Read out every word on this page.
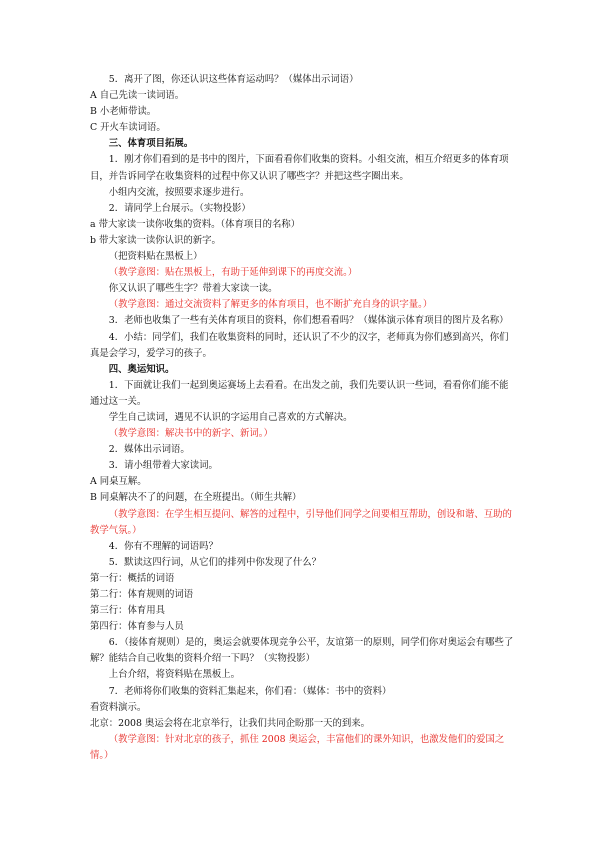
5．离开了图，你还认识这些体育运动吗？（媒体出示词语）

A 自己先读一读词语。

B 小老师带读。

C 开火车读词语。

三、体育项目拓展。

1．刚才你们看到的是书中的图片，下面看看你们收集的资料。小组交流，相互介绍更多的体育项目，并告诉同学在收集资料的过程中你又认识了哪些字？并把这些字圈出来。

小组内交流，按照要求逐步进行。

2．请同学上台展示。（实物投影）

a 带大家读一读你收集的资料。（体育项目的名称）

b 带大家读一读你认识的新字。

（把资料贴在黑板上）

（教学意图：贴在黑板上，有助于延伸到课下的再度交流。）

你又认识了哪些生字？带着大家读一读。

（教学意图：通过交流资料了解更多的体育项目，也不断扩充自身的识字量。）

3．老师也收集了一些有关体育项目的资料，你们想看看吗？（媒体演示体育项目的图片及名称）

4．小结：同学们，我们在收集资料的同时，还认识了不少的汉字，老师真为你们感到高兴，你们真是会学习，爱学习的孩子。

四、奥运知识。

1．下面就让我们一起到奥运赛场上去看看。在出发之前，我们先要认识一些词，看看你们能不能通过这一关。

学生自己读词，遇见不认识的字运用自己喜欢的方式解决。

（教学意图：解决书中的新字、新词。）

2．媒体出示词语。

3．请小组带着大家读词。

A 同桌互解。

B 同桌解决不了的问题，在全班提出。（师生共解）

（教学意图：在学生相互提问、解答的过程中，引导他们同学之间要相互帮助，创设和谐、互助的教学气氛。）

4．你有不理解的词语吗？

5．默读这四行词，从它们的排列中你发现了什么？

第一行：概括的词语

第二行：体育规则的词语

第三行：体育用具

第四行：体育参与人员

6．（接体育规则）是的，奥运会就要体现竞争公平，友谊第一的原则，同学们你对奥运会有哪些了解？能结合自己收集的资料介绍一下吗？（实物投影）

上台介绍，将资料贴在黑板上。

7．老师将你们收集的资料汇集起来，你们看：（媒体：书中的资料）

看资料演示。

北京：2008 奥运会将在北京举行，让我们共同企盼那一天的到来。

（教学意图：针对北京的孩子，抓住 2008 奥运会，丰富他们的课外知识，也激发他们的爱国之情。）
